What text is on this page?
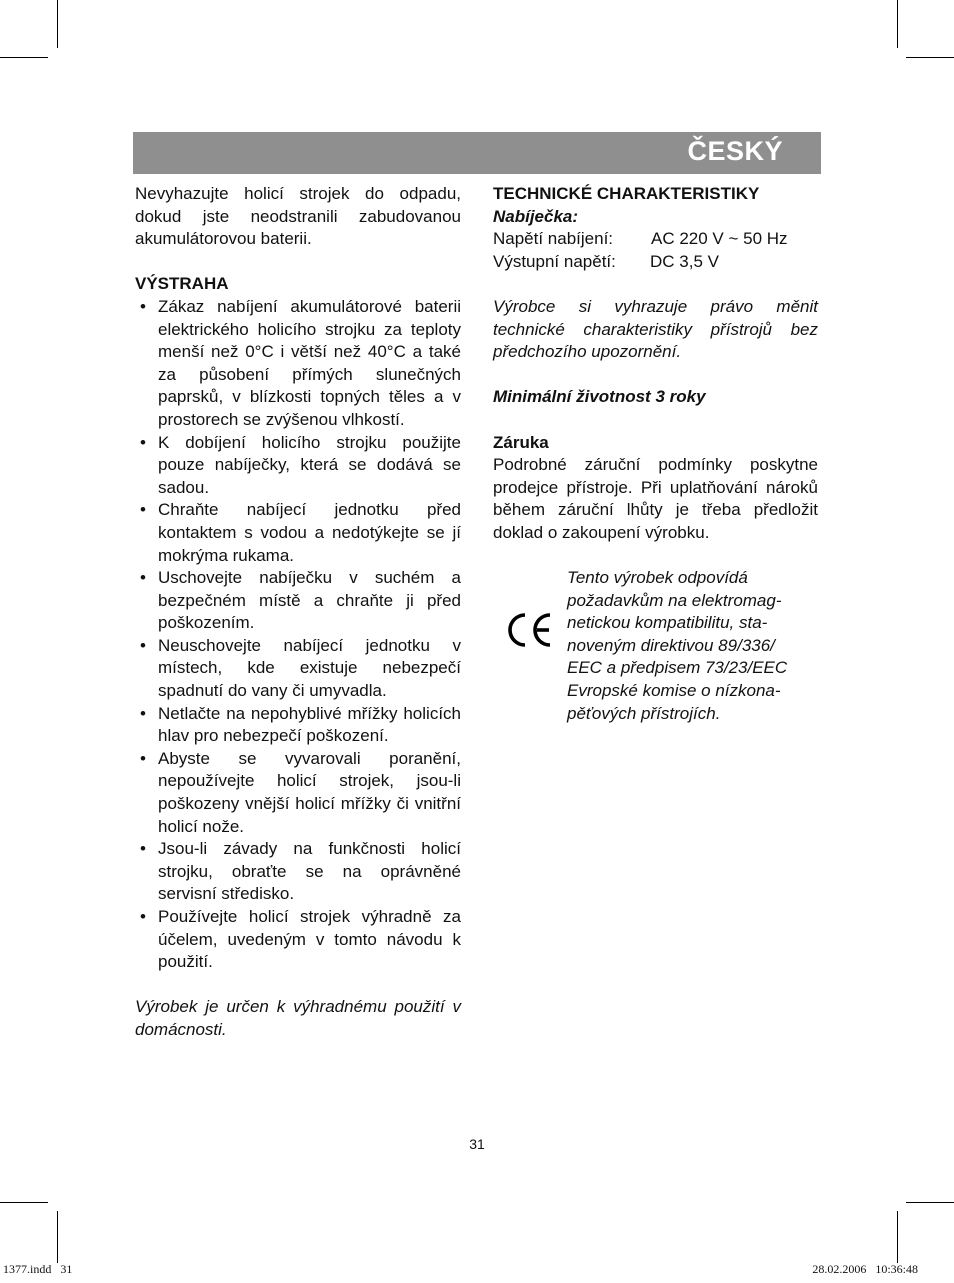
ČESKÝ

Nevyhazujte holicí strojek do odpadu, dokud jste neodstranili zabudovanou akumulátorovou baterii.

VÝSTRAHA

• Zákaz nabíjení akumulátorové baterii elektrického holicího strojku za teploty menší než 0°C i větší než 40°C a také za působení přímých slunečných paprsků, v blízkosti topných těles a v prostorech se zvýšenou vlhkostí.
• K dobíjení holicího strojku použijte pouze nabíječky, která se dodává se sadou.
• Chraňte nabíjecí jednotku před kontaktem s vodou a nedotýkejte se jí mokrýma rukama.
• Uschovejte nabíječku v suchém a bezpečném místě a chraňte ji před poškozením.
• Neuschovejte nabíjecí jednotku v místech, kde existuje nebezpečí spadnutí do vany či umyvadla.
• Netlačte na nepohyblivé mřížky holicích hlav pro nebezpečí poškození.
• Abyste se vyvarovali poranění, nepoužívejte holicí strojek, jsou-li poškozeny vnější holicí mřížky či vnitřní holicí nože.
• Jsou-li závady na funkčnosti holicí strojku, obraťte se na oprávněné servisní středisko.
• Používejte holicí strojek výhradně za účelem, uvedeným v tomto návodu k použití.

Výrobek je určen k výhradnému použití v domácnosti.

TECHNICKÉ CHARAKTERISTIKY

Nabíječka:

Napětí nabíjení: AC 220 V ~ 50 Hz
Výstupní napětí: DC 3,5 V

Výrobce si vyhrazuje právo měnit technické charakteristiky přístrojů bez předchozího upozornění.

Minimální životnost 3 roky

Záruka

Podrobné záruční podmínky poskytne prodejce přístroje. Při uplatňování nároků během záruční lhůty je třeba předložit doklad o zakoupení výrobku.

Tento výrobek odpovídá
požadavkům na elektromag-
netickou kompatibilitu, sta-
noveným direktivou 89/336/
EEC a předpisem 73/23/EEC
Evropské komise o nízkona-
pěťových přístrojích.
31
1377.indd   31	28.02.2006   10:36:48
